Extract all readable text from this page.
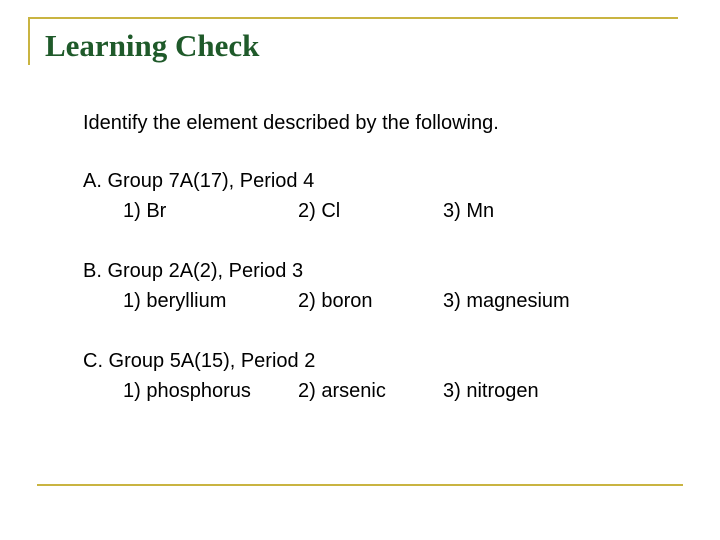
Learning Check
Identify the element described by the following.
A. Group 7A(17), Period 4
1) Br	2) Cl	3) Mn
B. Group 2A(2), Period 3
1) beryllium	2) boron	3) magnesium
C. Group 5A(15), Period 2
1) phosphorus 2) arsenic	3) nitrogen
